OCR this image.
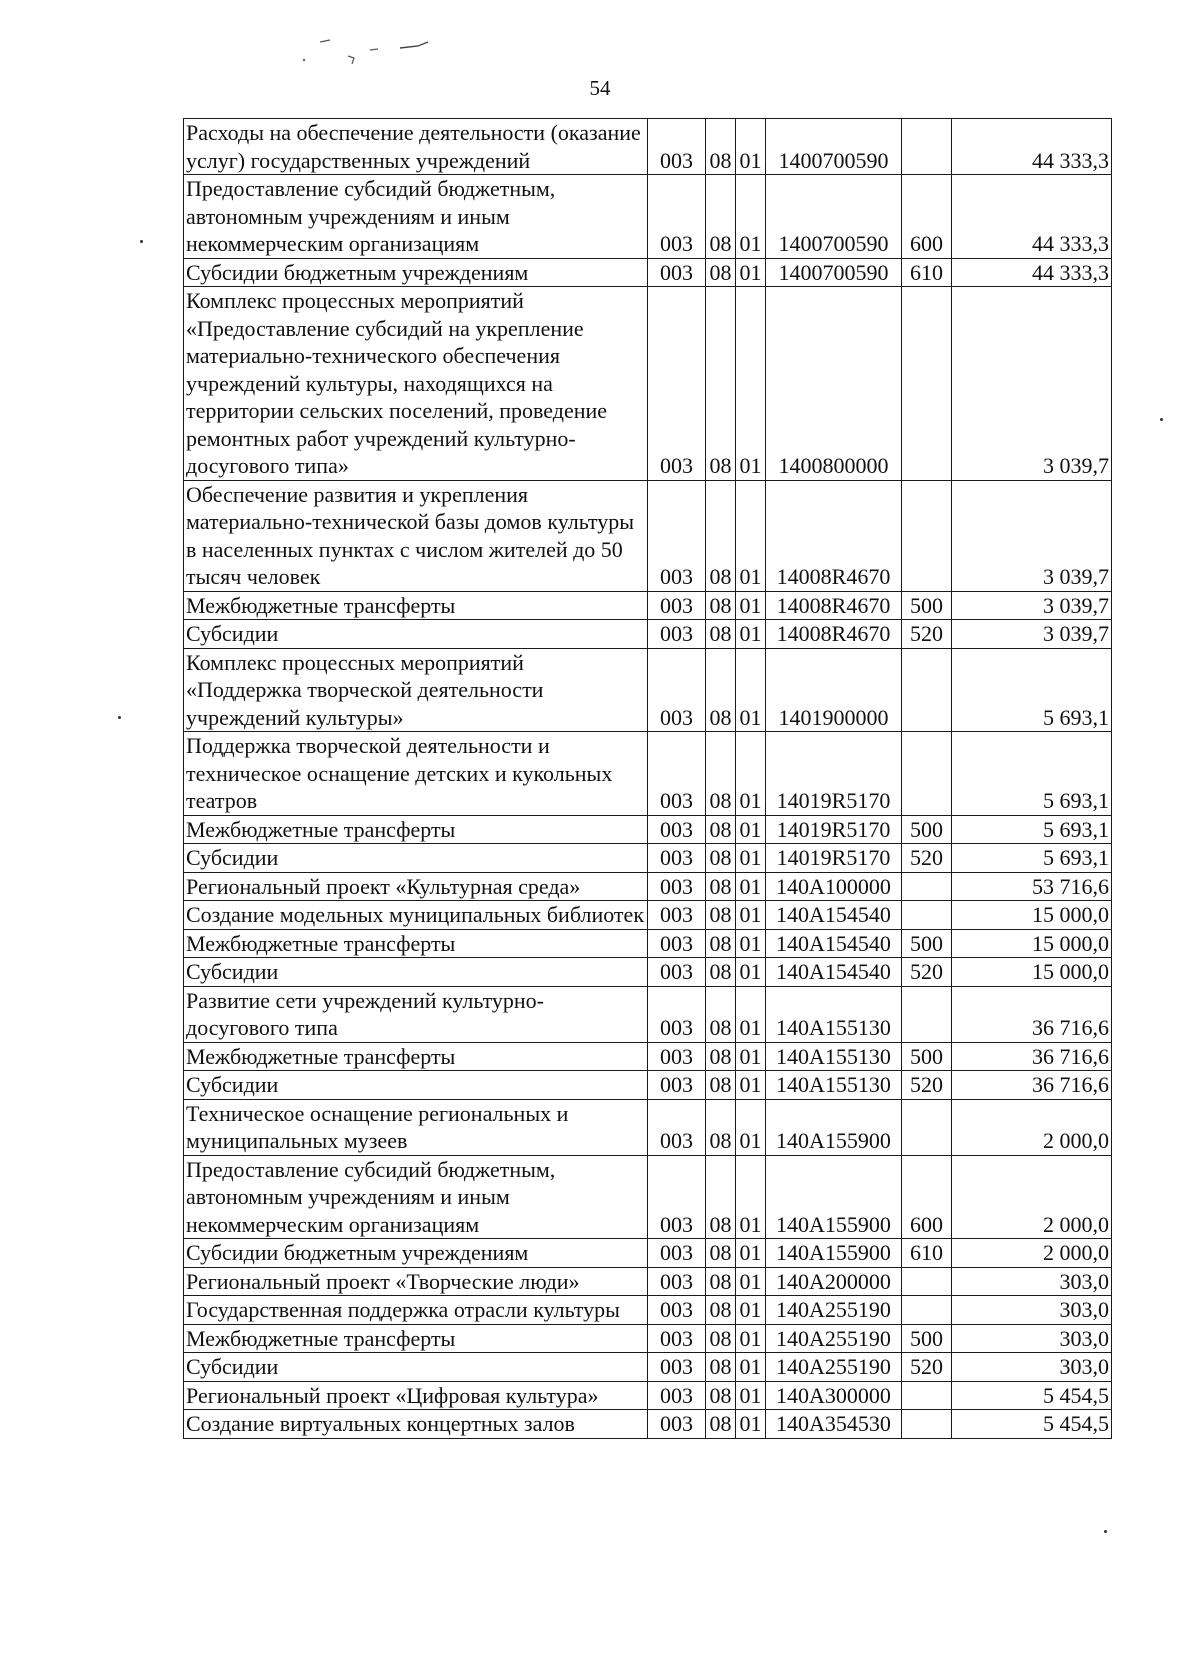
54
Расходы на обеспечение деятельности (оказание услуг) государственных учреждений	003	08	01	1400700590		44 333,3
Предоставление субсидий бюджетным, автономным учреждениям и иным некоммерческим организациям	003	08	01	1400700590	600	44 333,3
Субсидии бюджетным учреждениям	003	08	01	1400700590	610	44 333,3
Комплекс процессных мероприятий «Предоставление субсидий на укрепление материально-технического обеспечения учреждений культуры, находящихся на территории сельских поселений, проведение ремонтных работ учреждений культурно-досугового типа»	003	08	01	1400800000		3 039,7
Обеспечение развития и укрепления материально-технической базы домов культуры в населенных пунктах с числом жителей до 50 тысяч человек	003	08	01	14008R4670		3 039,7
Межбюджетные трансферты	003	08	01	14008R4670	500	3 039,7
Субсидии	003	08	01	14008R4670	520	3 039,7
Комплекс процессных мероприятий «Поддержка творческой деятельности учреждений культуры»	003	08	01	1401900000		5 693,1
Поддержка творческой деятельности и техническое оснащение детских и кукольных театров	003	08	01	14019R5170		5 693,1
Межбюджетные трансферты	003	08	01	14019R5170	500	5 693,1
Субсидии	003	08	01	14019R5170	520	5 693,1
Региональный проект «Культурная среда»	003	08	01	140A100000		53 716,6
Создание модельных муниципальных библиотек	003	08	01	140A154540		15 000,0
Межбюджетные трансферты	003	08	01	140A154540	500	15 000,0
Субсидии	003	08	01	140A154540	520	15 000,0
Развитие сети учреждений культурно-досугового типа	003	08	01	140A155130		36 716,6
Межбюджетные трансферты	003	08	01	140A155130	500	36 716,6
Субсидии	003	08	01	140A155130	520	36 716,6
Техническое оснащение региональных и муниципальных музеев	003	08	01	140A155900		2 000,0
Предоставление субсидий бюджетным, автономным учреждениям и иным некоммерческим организациям	003	08	01	140A155900	600	2 000,0
Субсидии бюджетным учреждениям	003	08	01	140A155900	610	2 000,0
Региональный проект «Творческие люди»	003	08	01	140A200000		303,0
Государственная поддержка отрасли культуры	003	08	01	140A255190		303,0
Межбюджетные трансферты	003	08	01	140A255190	500	303,0
Субсидии	003	08	01	140A255190	520	303,0
Региональный проект «Цифровая культура»	003	08	01	140A300000		5 454,5
Создание виртуальных концертных залов	003	08	01	140A354530		5 454,5
